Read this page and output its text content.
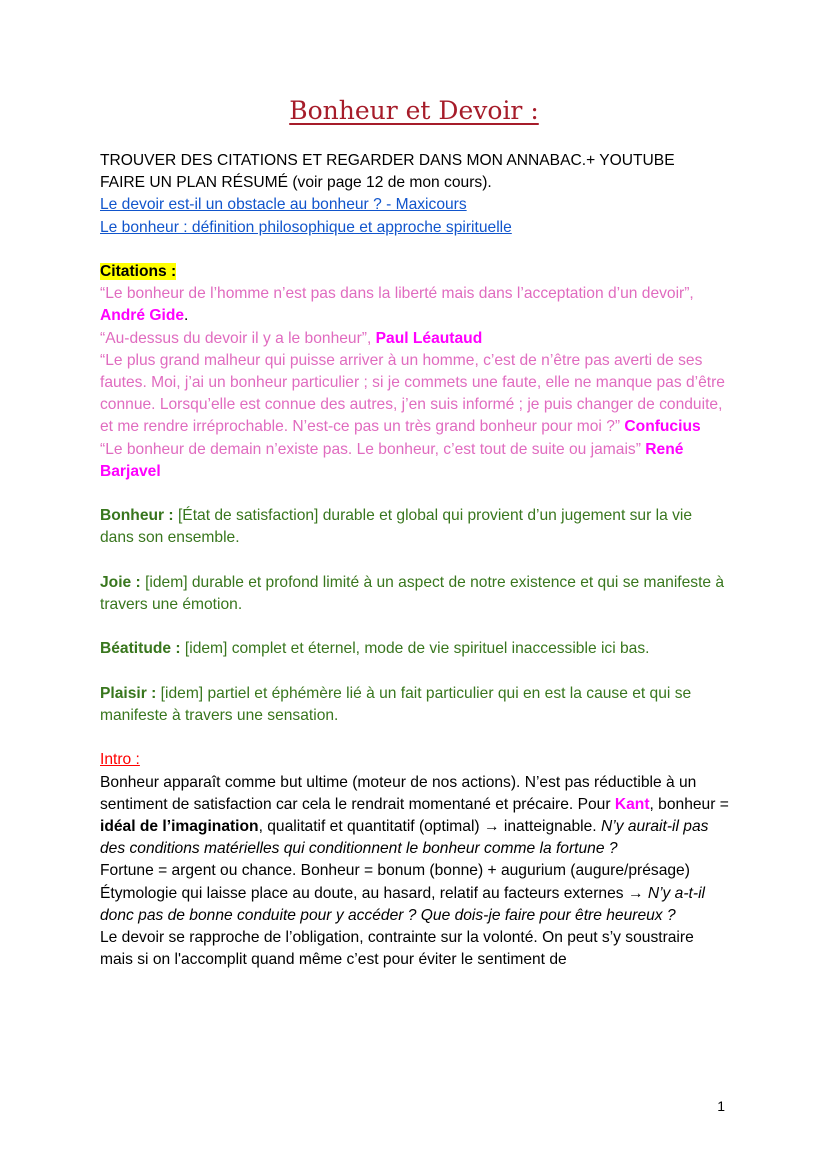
Bonheur et Devoir :

TROUVER DES CITATIONS ET REGARDER DANS MON ANNABAC.+ YOUTUBE

FAIRE UN PLAN RÉSUMÉ (voir page 12 de mon cours).

Le devoir est-il un obstacle au bonheur ? - Maxicours

Le bonheur : définition philosophique et approche spirituelle

Citations :

“Le bonheur de l’homme n’est pas dans la liberté mais dans l’acceptation d’un devoir”, André Gide.

“Au-dessus du devoir il y a le bonheur”, Paul Léautaud

“Le plus grand malheur qui puisse arriver à un homme, c’est de n’être pas averti de ses fautes. Moi, j’ai un bonheur particulier ; si je commets une faute, elle ne manque pas d’être connue. Lorsqu’elle est connue des autres, j’en suis informé ; je puis changer de conduite, et me rendre irréprochable. N’est-ce pas un très grand bonheur pour moi ?” Confucius

“Le bonheur de demain n’existe pas. Le bonheur, c’est tout de suite ou jamais” René Barjavel

Bonheur : [État de satisfaction] durable et global qui provient d’un jugement sur la vie dans son ensemble.

Joie : [idem] durable et profond limité à un aspect de notre existence et qui se manifeste à travers une émotion.

Béatitude : [idem] complet et éternel, mode de vie spirituel inaccessible ici bas.

Plaisir : [idem] partiel et éphémère lié à un fait particulier qui en est la cause et qui se manifeste à travers une sensation.

Intro :

Bonheur apparaît comme but ultime (moteur de nos actions). N’est pas réductible à un sentiment de satisfaction car cela le rendrait momentané et précaire. Pour Kant, bonheur = idéal de l’imagination, qualitatif et quantitatif (optimal) → inatteignable. N’y aurait-il pas des conditions matérielles qui conditionnent le bonheur comme la fortune ?

Fortune = argent ou chance. Bonheur = bonum (bonne) + augurium (augure/présage)

Étymologie qui laisse place au doute, au hasard, relatif au facteurs externes → N’y a-t-il donc pas de bonne conduite pour y accéder ? Que dois-je faire pour être heureux ?

Le devoir se rapproche de l’obligation, contrainte sur la volonté. On peut s’y soustraire mais si on l'accomplit quand même c’est pour éviter le sentiment de

1
